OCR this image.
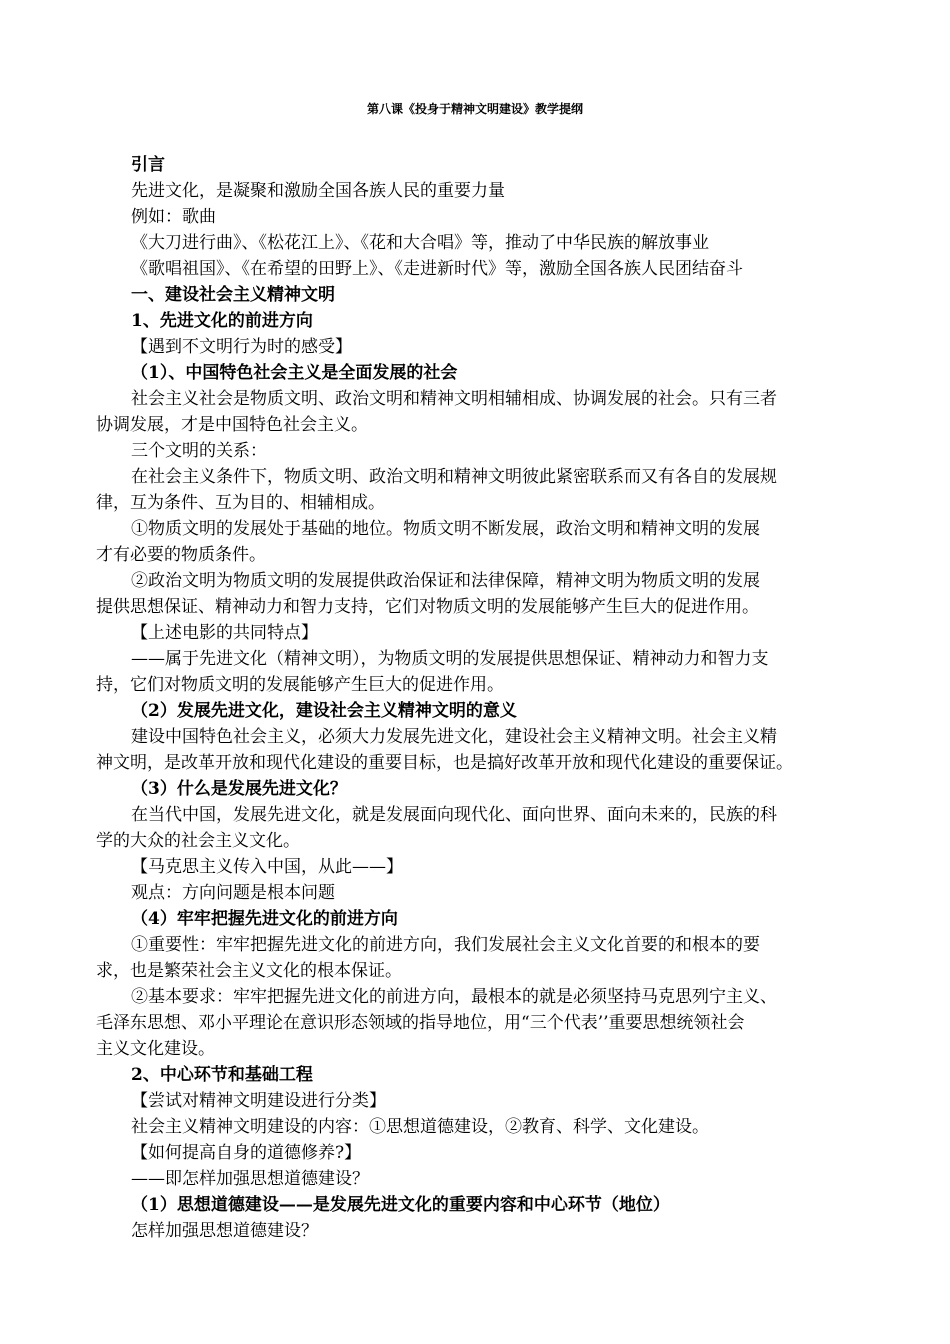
第八课《投身于精神文明建设》教学提纲

引言

先进文化，是凝聚和激励全国各族人民的重要力量

例如：歌曲

《大刀进行曲》、《松花江上》、《花和大合唱》等，推动了中华民族的解放事业

《歌唱祖国》、《在希望的田野上》、《走进新时代》等，激励全国各族人民团结奋斗

一、建设社会主义精神文明

1、先进文化的前进方向

【遇到不文明行为时的感受】

（1）、中国特色社会主义是全面发展的社会

社会主义社会是物质文明、政治文明和精神文明相辅相成、协调发展的社会。只有三者

协调发展，才是中国特色社会主义。

三个文明的关系：

在社会主义条件下，物质文明、政治文明和精神文明彼此紧密联系而又有各自的发展规

律，互为条件、互为目的、相辅相成。

①物质文明的发展处于基础的地位。物质文明不断发展，政治文明和精神文明的发展

才有必要的物质条件。

②政治文明为物质文明的发展提供政治保证和法律保障，精神文明为物质文明的发展

提供思想保证、精神动力和智力支持，它们对物质文明的发展能够产生巨大的促进作用。

【上述电影的共同特点】

——属于先进文化（精神文明），为物质文明的发展提供思想保证、精神动力和智力支

持，它们对物质文明的发展能够产生巨大的促进作用。

（2）发展先进文化，建设社会主义精神文明的意义

建设中国特色社会主义，必须大力发展先进文化，建设社会主义精神文明。社会主义精

神文明，是改革开放和现代化建设的重要目标，也是搞好改革开放和现代化建设的重要保证。

（3）什么是发展先进文化？

在当代中国，发展先进文化，就是发展面向现代化、面向世界、面向未来的，民族的科

学的大众的社会主义文化。

【马克思主义传入中国，从此——】

观点：方向问题是根本问题

（4）牢牢把握先进文化的前进方向

①重要性：牢牢把握先进文化的前进方向，我们发展社会主义文化首要的和根本的要

求，也是繁荣社会主义文化的根本保证。

②基本要求：牢牢把握先进文化的前进方向，最根本的就是必须坚持马克思列宁主义、

毛泽东思想、邓小平理论在意识形态领域的指导地位，用“三个代表’’重要思想统领社会

主义文化建设。

2、中心环节和基础工程

【尝试对精神文明建设进行分类】

社会主义精神文明建设的内容：①思想道德建设，②教育、科学、文化建设。

【如何提高自身的道德修养?】

——即怎样加强思想道德建设？

（1）思想道德建设——是发展先进文化的重要内容和中心环节（地位）

怎样加强思想道德建设？
